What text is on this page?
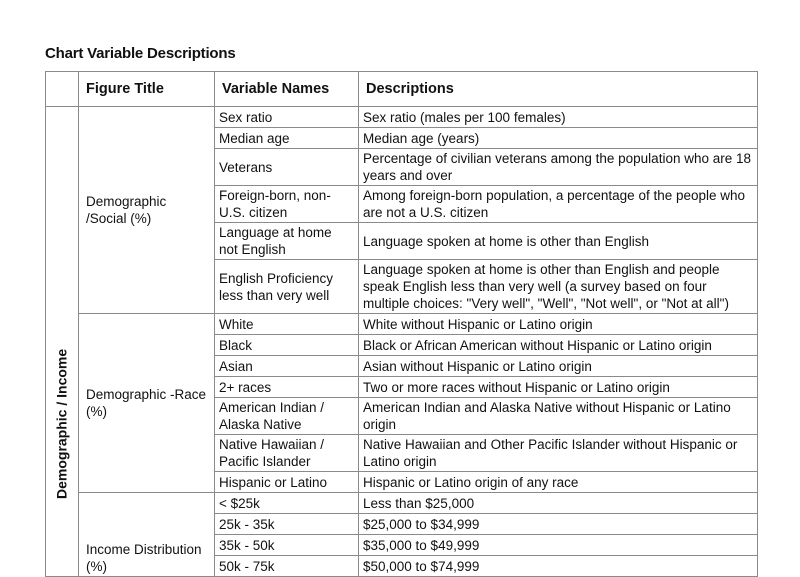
Chart Variable Descriptions
	Figure Title	Variable Names	Descriptions

Demographic / Income	Demographic /Social (%)	Sex ratio	Sex ratio (males per 100 females)
		Median age	Median age (years)
		Veterans	Percentage of civilian veterans among the population who are 18 years and over
		Foreign-born, non-U.S. citizen	Among foreign-born population, a percentage of the people who are not a U.S. citizen
		Language at home not English	Language spoken at home is other than English
		English Proficiency less than very well	Language spoken at home is other than English and people speak English less than very well (a survey based on four multiple choices: "Very well", "Well", "Not well", or "Not at all")
	Demographic -Race (%)	White	White without Hispanic or Latino origin
		Black	Black or African American without Hispanic or Latino origin
		Asian	Asian without Hispanic or Latino origin
		2+ races	Two or more races without Hispanic or Latino origin
		American Indian / Alaska Native	American Indian and Alaska Native without Hispanic or Latino origin
		Native Hawaiian / Pacific Islander	Native Hawaiian and Other Pacific Islander without Hispanic or Latino origin
		Hispanic or Latino	Hispanic or Latino origin of any race
	Income Distribution (%)	< $25k	Less than $25,000
		25k - 35k	$25,000 to $34,999
		35k - 50k	$35,000 to $49,999
		50k - 75k	$50,000 to $74,999
